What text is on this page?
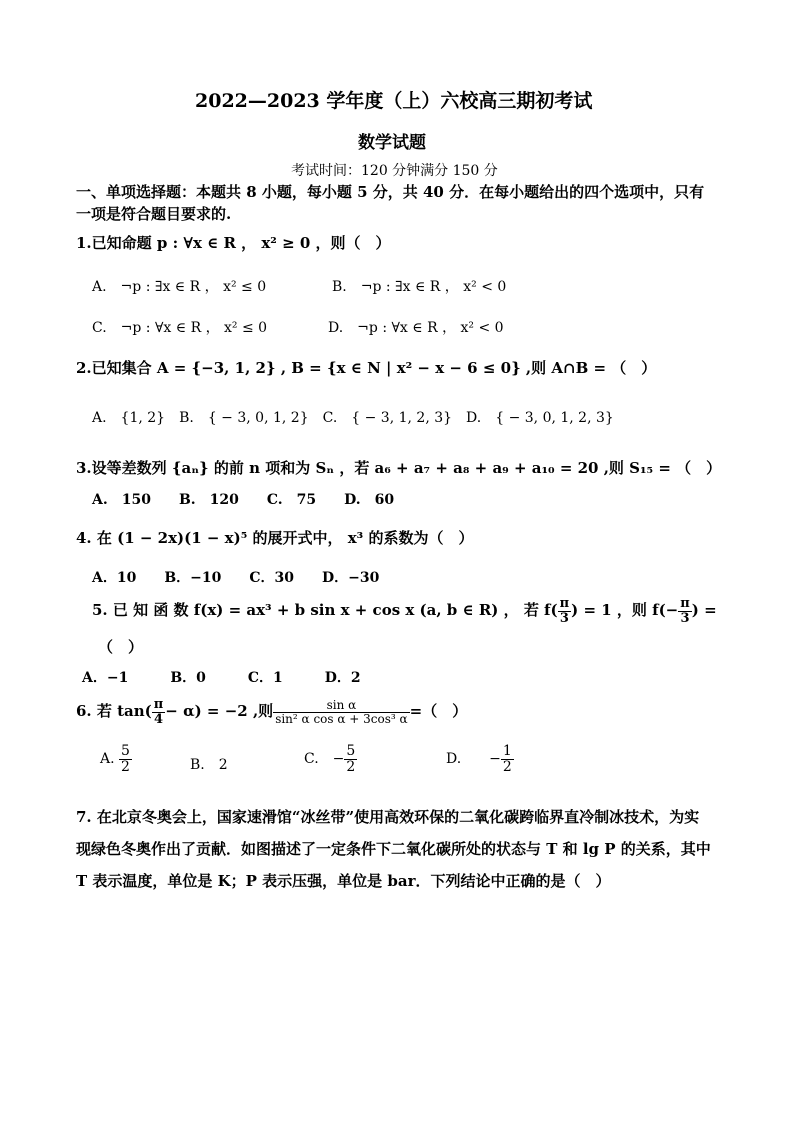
2022—2023 学年度（上）六校高三期初考试
数学试题
考试时间：120 分钟满分 150 分
一、单项选择题：本题共 8 小题，每小题 5 分，共 40 分．在每小题给出的四个选项中，只有
一项是符合题目要求的.
1.已知命题 p : ∀x ∈ R ， x² ≥ 0 ，则（　）
A.　¬p : ∃x ∈ R ， x² ≤ 0	B.　¬p : ∃x ∈ R ， x² < 0
C.　¬p : ∀x ∈ R ， x² ≤ 0	D.　¬p : ∀x ∈ R ， x² < 0
2.已知集合 A = {−3, 1, 2} , B = {x ∈ N | x² − x − 6 ≤ 0} ,则 A∩B = （　）
A.　{1, 2}　B.　{ − 3, 0, 1, 2}　C.　{ − 3, 1, 2, 3}　D.　{ − 3, 0, 1, 2, 3}
3.设等差数列 {aₙ} 的前 n 项和为 Sₙ ，若 a₆ + a₇ + a₈ + a₉ + a₁₀ = 20 ,则 S₁₅ = （　）
A.　150　　B.　120　　C.　75　　D.　60
4. 在 (1 − 2x)(1 − x)⁵ 的展开式中， x³ 的系数为（　）
A．10　　B．−10　　C．30　　D．−30
5. 已 知 函 数 f(x) = ax³ + b sin x + cos x (a, b ∈ R) ， 若 $f( \frac{\pi}{3}$ ) = 1 ，则 $f(- \frac{\pi}{3}$ ) =
（　）
A．−1　　　B．0　　　C．1　　　D．2
6. 若 $\tan( \frac{\pi}{4} - \alpha) = -2$ ,则 $\frac{\text{sin α}}{\text{sin² α cos α + 3cos³ α}}$ =（　）
A. $\frac{5}{2}$	B.　2	C.　− $\frac{5}{2}$	D.　　− $\frac{1}{2}$
7. 在北京冬奥会上，国家速滑馆“冰丝带”使用高效环保的二氧化碳跨临界直冷制冰技术，为实
现绿色冬奥作出了贡献．如图描述了一定条件下二氧化碳所处的状态与 T 和 lg P 的关系，其中
T 表示温度，单位是 K；P 表示压强，单位是 bar．下列结论中正确的是（　）
